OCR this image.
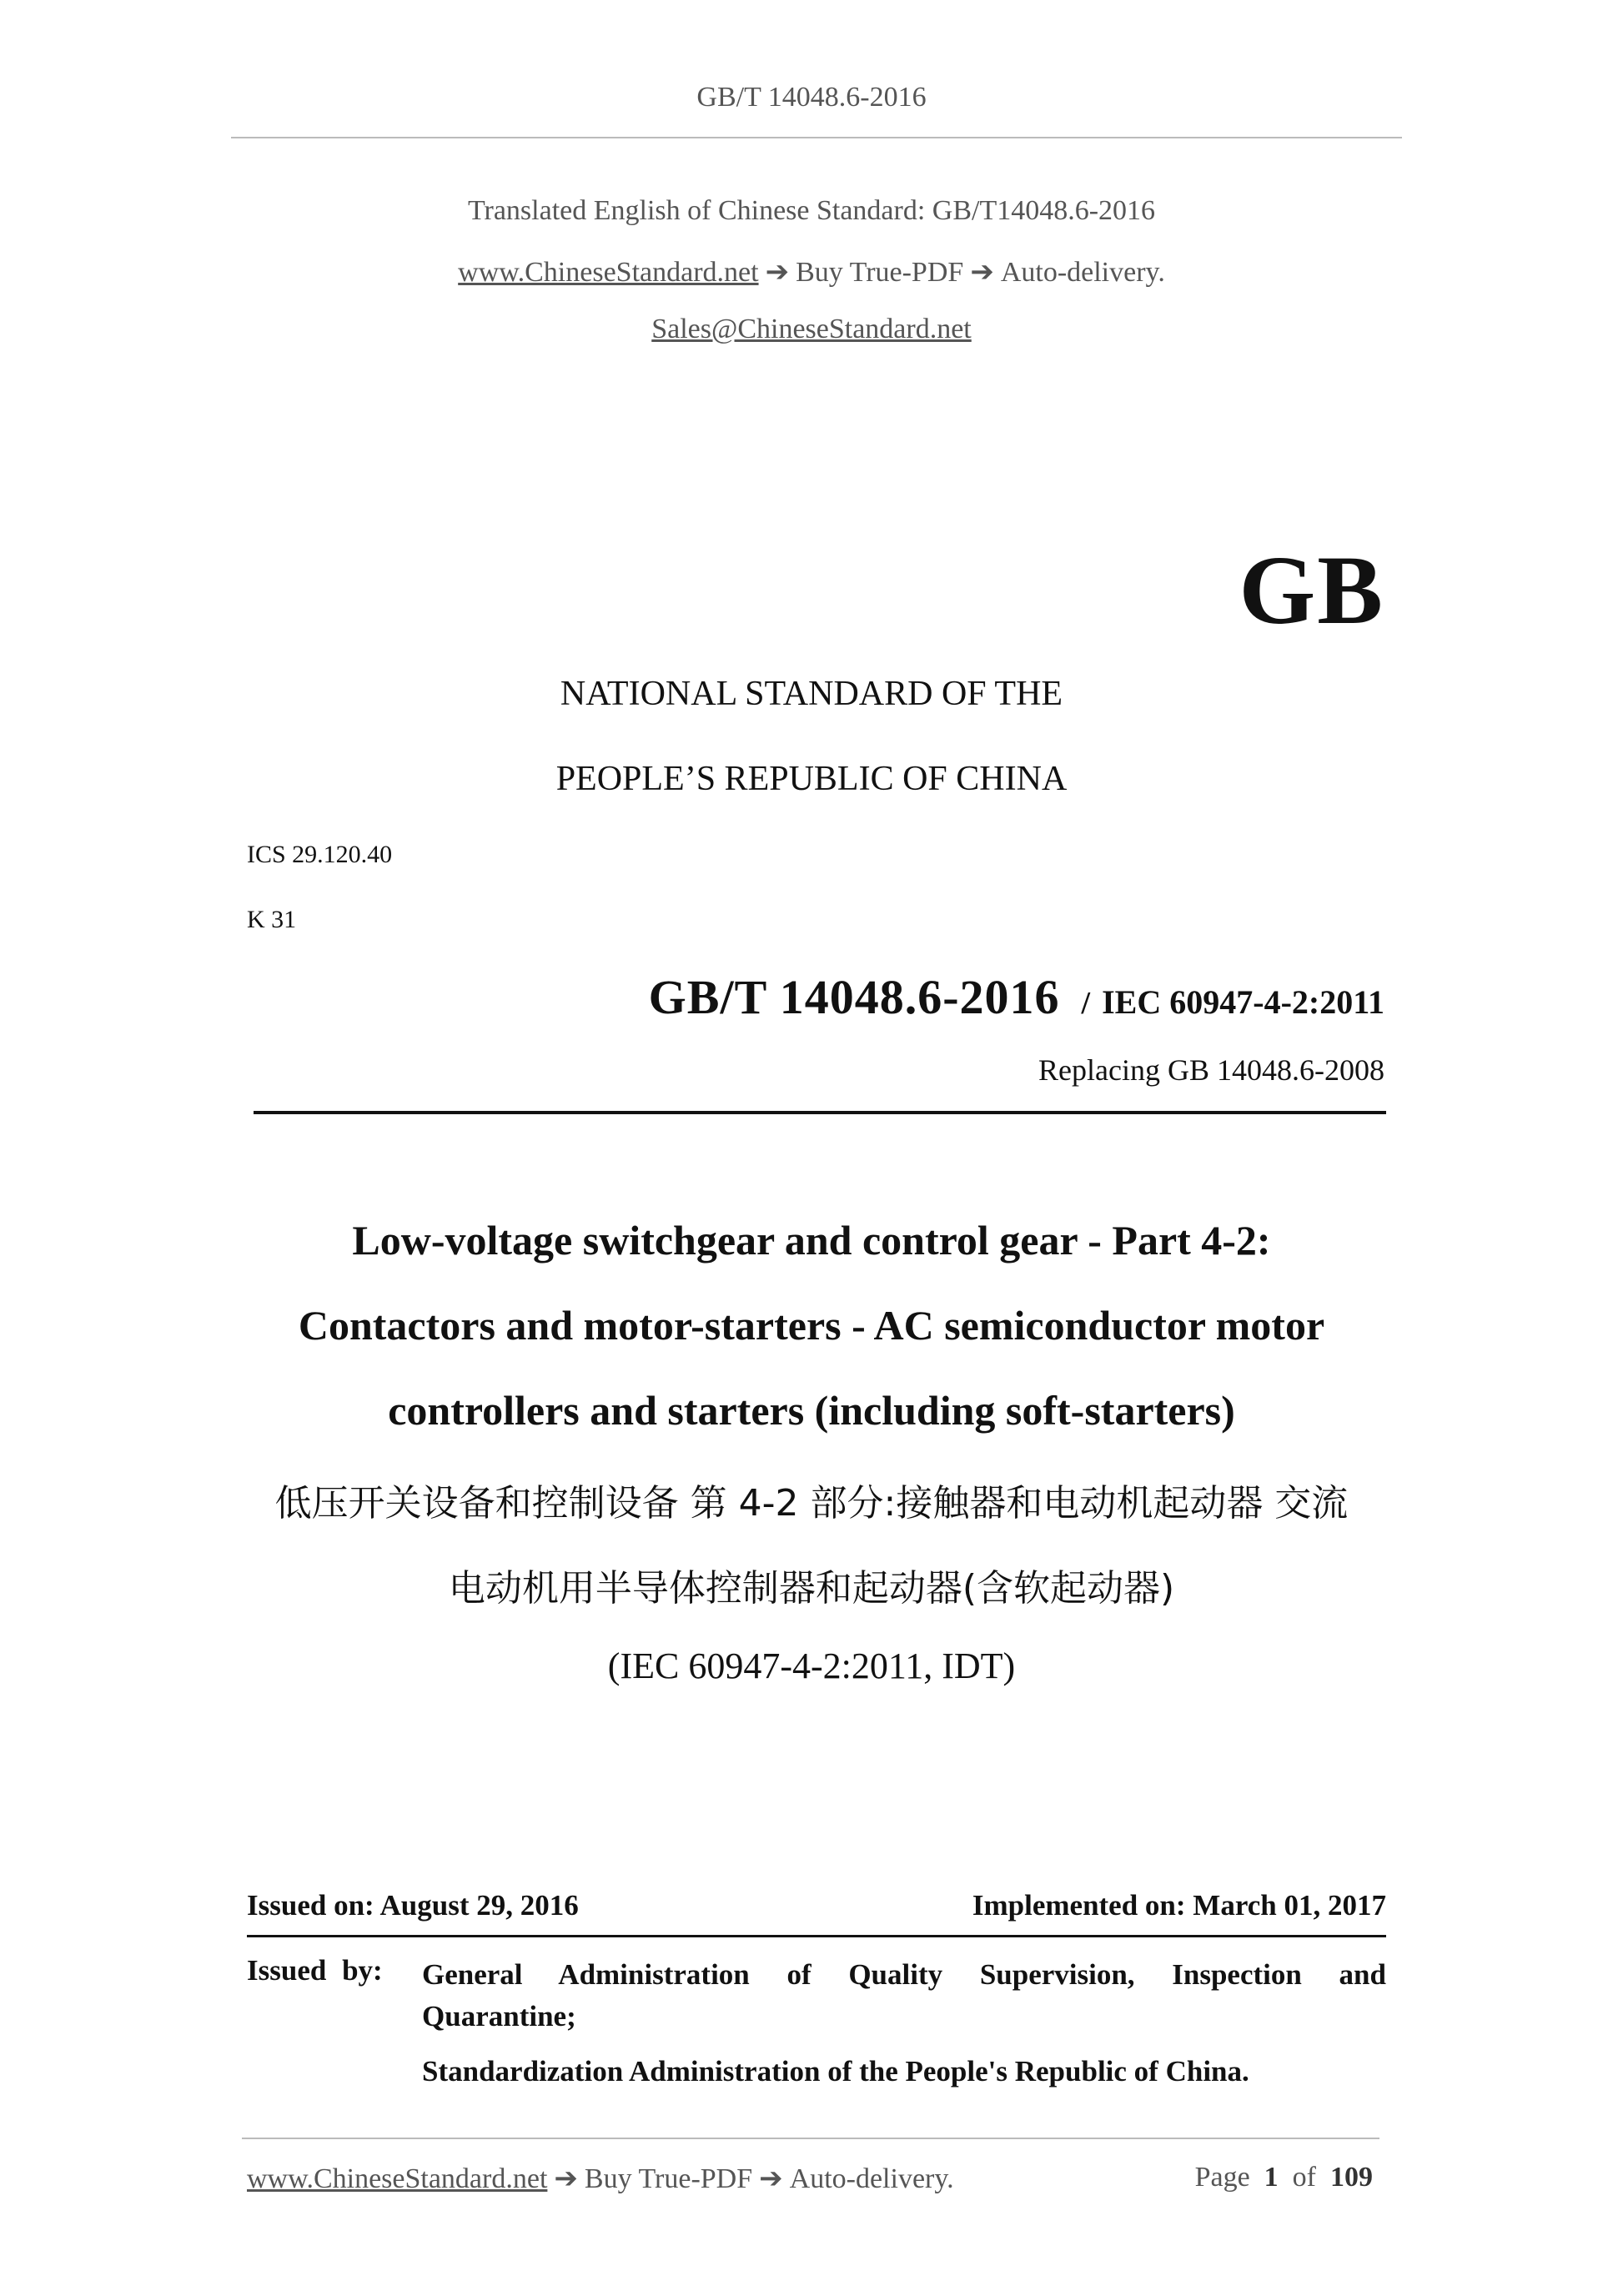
GB/T 14048.6-2016
Translated English of Chinese Standard: GB/T14048.6-2016
www.ChineseStandard.net ➔ Buy True-PDF ➔ Auto-delivery.
Sales@ChineseStandard.net
GB
NATIONAL STANDARD OF THE
PEOPLE’S REPUBLIC OF CHINA
ICS 29.120.40
K 31
GB/T 14048.6-2016 / IEC 60947-4-2:2011
Replacing GB 14048.6-2008
Low-voltage switchgear and control gear - Part 4-2:
Contactors and motor-starters - AC semiconductor motor
controllers and starters (including soft-starters)
低压开关设备和控制设备 第 4-2 部分:接触器和电动机起动器 交流
电动机用半导体控制器和起动器(含软起动器)
(IEC 60947-4-2:2011, IDT)
Issued on: August 29, 2016	Implemented on: March 01, 2017
Issued by: General Administration of Quality Supervision, Inspection and
Quarantine;
Standardization Administration of the People's Republic of China.
www.ChineseStandard.net ➔ Buy True-PDF ➔ Auto-delivery.	Page 1 of 109
